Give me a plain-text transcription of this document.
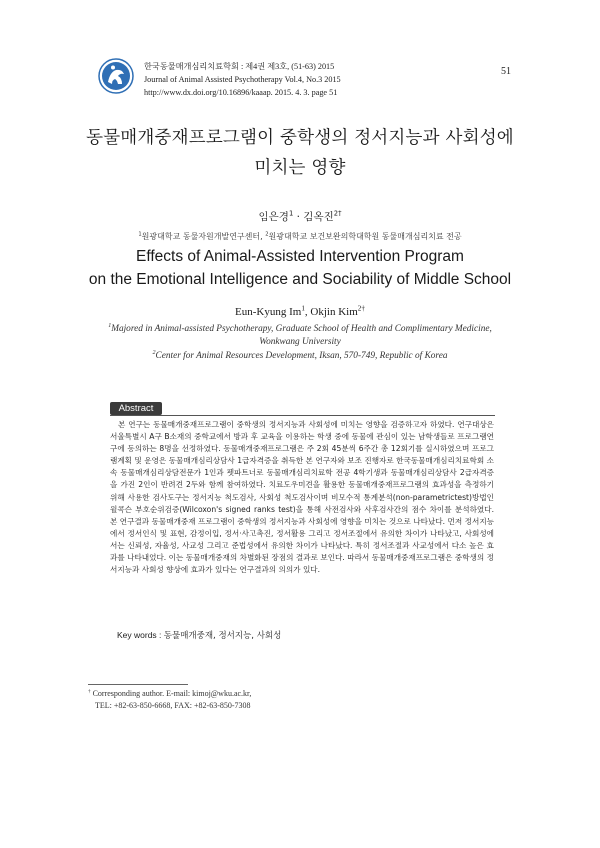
한국동물매개심리치료학회 : 제4권 제3호, (51-63) 2015
Journal of Animal Assisted Psychotherapy Vol.4, No.3 2015
http://www.dx.doi.org/10.16896/kaaap. 2015. 4. 3. page 51
51
동물매개중재프로그램이 중학생의 정서지능과 사회성에
미치는 영향
임은경$^1$ · 김옥진$^{2\dagger}$
$^1$원광대학교 동물자원개발연구센터, $^2$원광대학교 보건보완의학대학원 동물매개심리치료 전공
Effects of Animal-Assisted Intervention Program
on the Emotional Intelligence and Sociability of Middle School
Eun-Kyung Im$^1$, Okjin Kim$^{2\dagger}$
$^1$Majored in Animal-assisted Psychotherapy, Graduate School of Health and Complimentary Medicine,
Wonkwang University
$^2$Center for Animal Resources Development, Iksan, 570-749, Republic of Korea
Abstract
본 연구는 동물매개중재프로그램이 중학생의 정서지능과 사회성에 미치는 영향을 검증하고자 하였다. 연구대상은 서울특별시 A구 B소재의 중학교에서 방과 후 교육을 이용하는 학생 중에 동물에 관심이 있는 남학생들로 프로그램연구에 동의하는 8명을 선정하였다. 동물매개중재프로그램은 주 2회 45분씩 6주간 총 12회기를 실시하였으며 프로그램계획 및 운영은 동물매개심리상담사 1급자격증을 취득한 본 연구자와 보조 진행자로 한국동물매개심리치료학회 소속 동물매개심리상담전문가 1인과 펫파트너로 동물매개심리치료학 전공 4학기생과 동물매개심리상담사 2급자격증을 가진 2인이 반려견 2두와 함께 참여하였다. 치료도우미견을 활용한 동물매개중재프로그램의 효과성을 측정하기 위해 사용한 검사도구는 정서지능 척도검사, 사회성 척도검사이며 비모수적 통계분석(non-parametrictest)방법인 윌콕슨 부호순위검증(Wilcoxon's signed ranks test)을 통해 사전검사와 사후검사간의 점수 차이를 분석하였다. 본 연구결과 동물매개중재 프로그램이 중학생의 정서지능과 사회성에 영향을 미치는 것으로 나타났다. 먼저 정서지능에서 정서인식 및 표현, 감정이입, 정서·사고촉진, 정서활용 그리고 정서조절에서 유의한 차이가 나타났고, 사회성에서는 신뢰성, 자율성, 사교성 그리고 준법성에서 유의한 차이가 나타났다. 특히 정서조절과 사교성에서 다소 높은 효과를 나타내었다. 이는 동물매개중재의 차별화된 장점의 결과로 보인다. 따라서 동물매개중재프로그램은 중학생의 정서지능과 사회성 향상에 효과가 있다는 연구결과의 의의가 있다.
Key words : 동물매개중재, 정서지능, 사회성
† Corresponding author. E-mail: kimoj@wku.ac.kr,
TEL: +82-63-850-6668, FAX: +82-63-850-7308
